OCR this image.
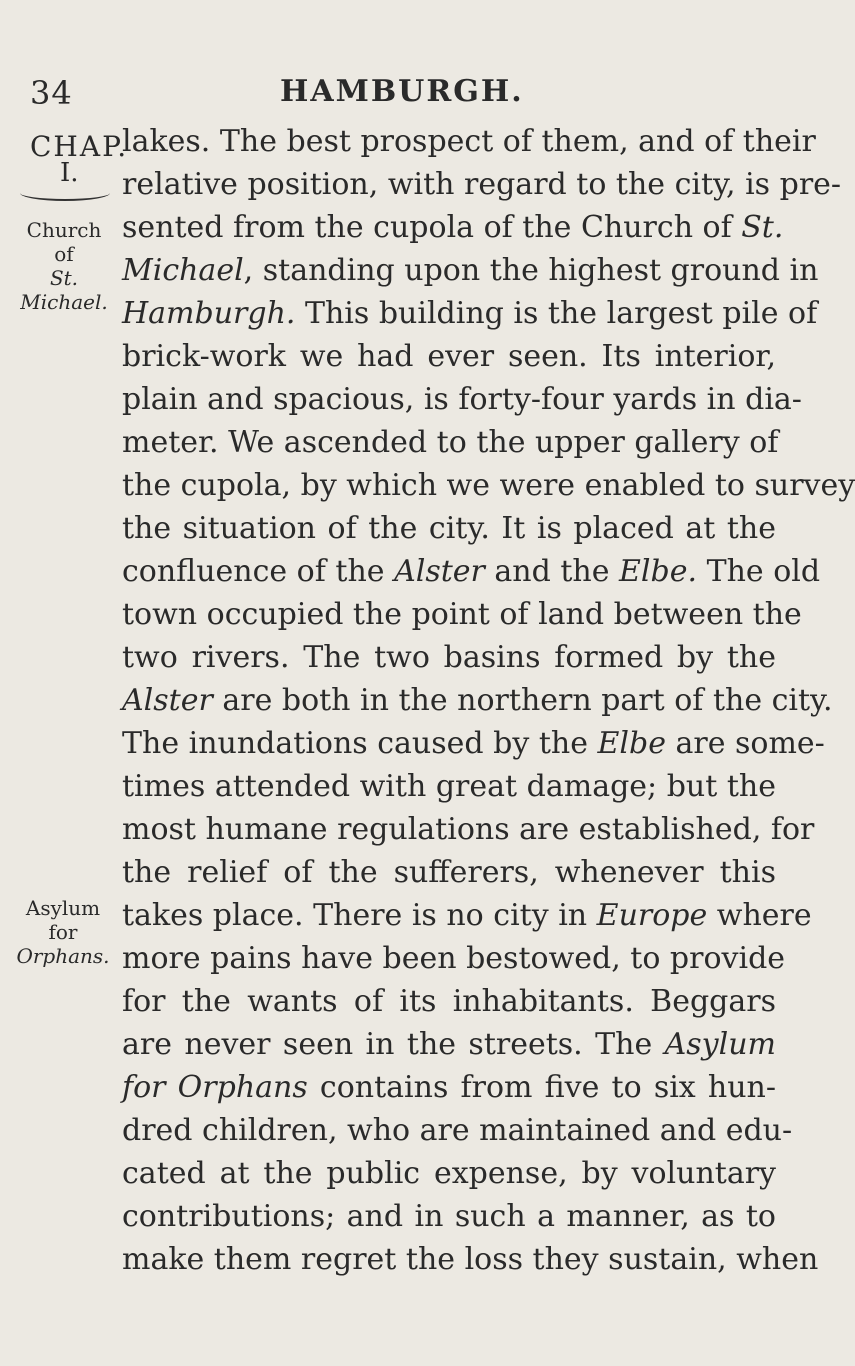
34	HAMBURGH.
CHAP.
I.
Church of
St. Michael.
Asylum for
Orphans.
lakes. The best prospect of them, and of their
relative position, with regard to the city, is pre-
sented from the cupola of the Church of St.
Michael, standing upon the highest ground in
Hamburgh. This building is the largest pile of
brick-work we had ever seen. Its interior,
plain and spacious, is forty-four yards in dia-
meter. We ascended to the upper gallery of
the cupola, by which we were enabled to survey
the situation of the city. It is placed at the
confluence of the Alster and the Elbe. The old
town occupied the point of land between the
two rivers. The two basins formed by the
Alster are both in the northern part of the city.
The inundations caused by the Elbe are some-
times attended with great damage; but the
most humane regulations are established, for
the relief of the sufferers, whenever this
takes place. There is no city in Europe where
more pains have been bestowed, to provide
for the wants of its inhabitants. Beggars
are never seen in the streets. The Asylum
for Orphans contains from five to six hun-
dred children, who are maintained and edu-
cated at the public expense, by voluntary
contributions; and in such a manner, as to
make them regret the loss they sustain, when
